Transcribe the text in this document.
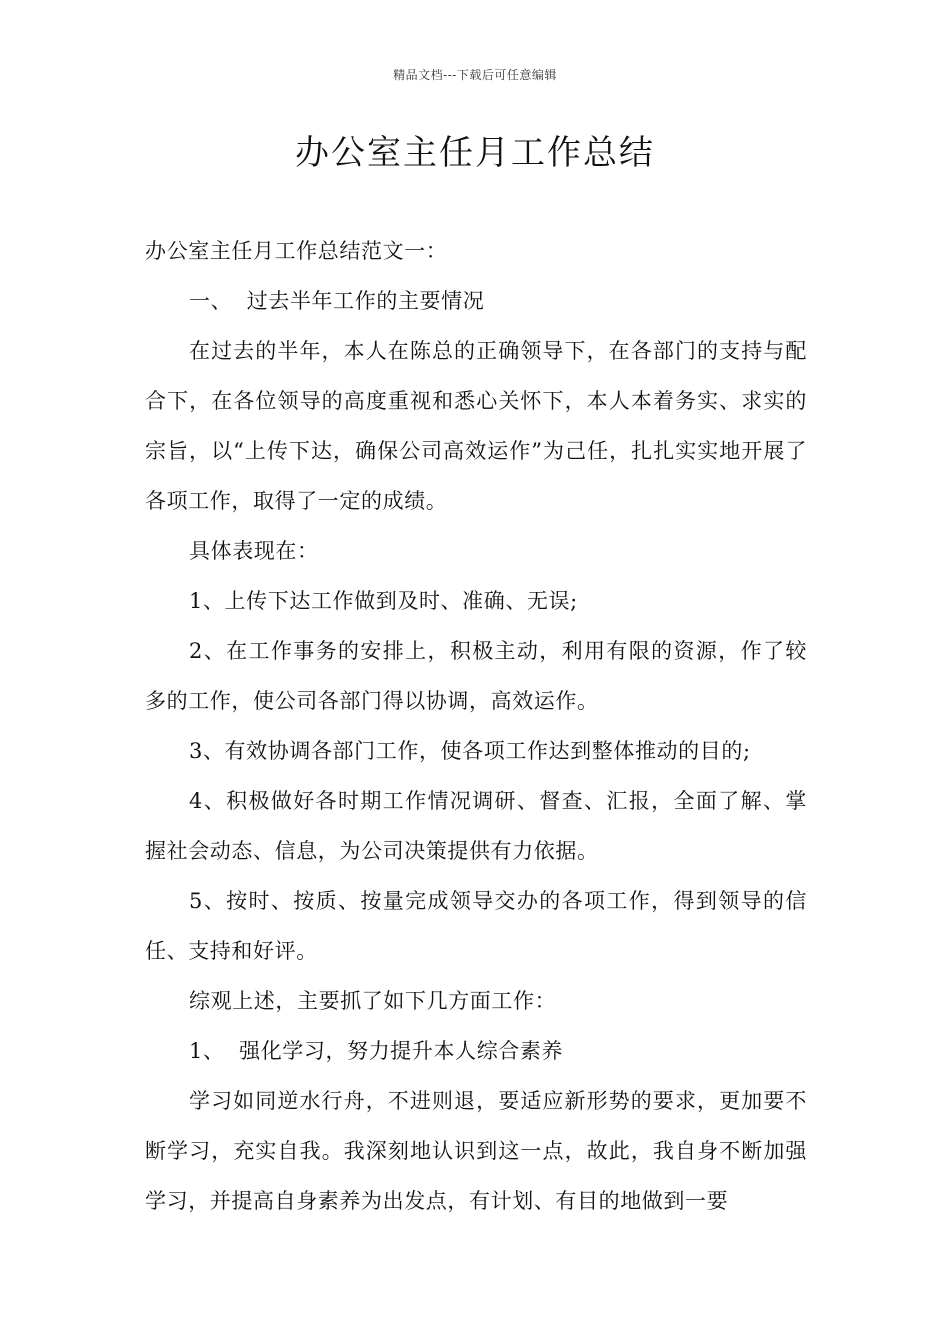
精品文档---下载后可任意编辑
办公室主任月工作总结

办公室主任月工作总结范文一：

一、  过去半年工作的主要情况

在过去的半年，本人在陈总的正确领导下，在各部门的支持与配合下，在各位领导的高度重视和悉心关怀下，本人本着务实、求实的宗旨，以“上传下达，确保公司高效运作”为己任，扎扎实实地开展了各项工作，取得了一定的成绩。

具体表现在：

1、上传下达工作做到及时、准确、无误;

2、在工作事务的安排上，积极主动，利用有限的资源，作了较多的工作，使公司各部门得以协调，高效运作。

3、有效协调各部门工作，使各项工作达到整体推动的目的;

4、积极做好各时期工作情况调研、督查、汇报，全面了解、掌握社会动态、信息，为公司决策提供有力依据。

5、按时、按质、按量完成领导交办的各项工作，得到领导的信任、支持和好评。

综观上述，主要抓了如下几方面工作：

1、  强化学习，努力提升本人综合素养

学习如同逆水行舟，不进则退，要适应新形势的要求，更加要不断学习，充实自我。我深刻地认识到这一点，故此，我自身不断加强学习，并提高自身素养为出发点，有计划、有目的地做到一要
